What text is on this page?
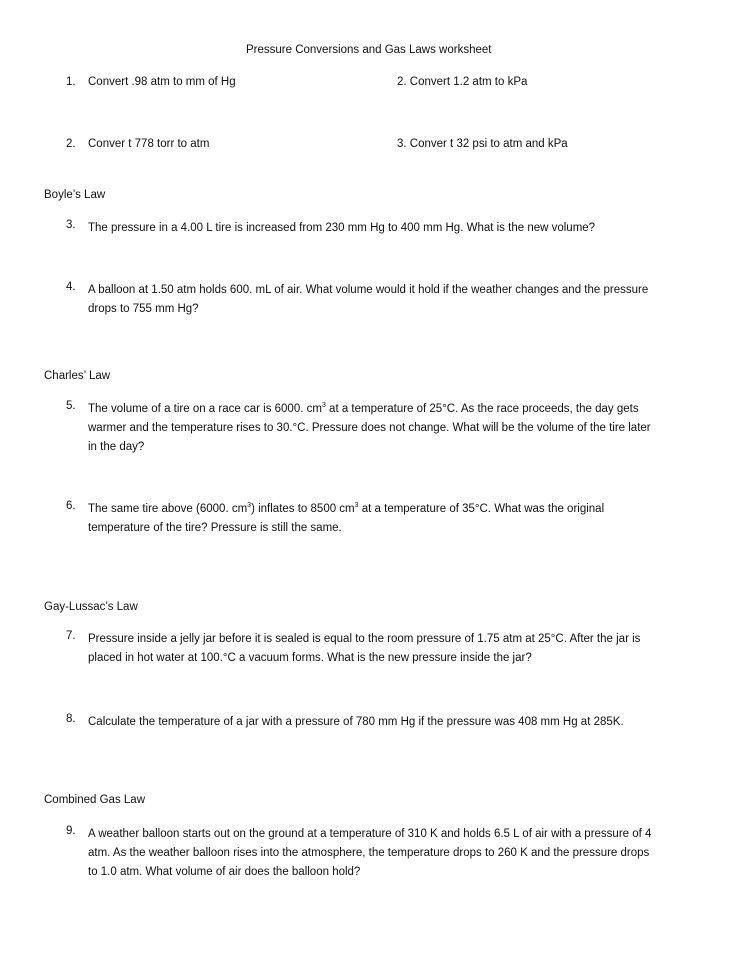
Pressure Conversions and Gas Laws worksheet
1. Convert .98 atm to mm of Hg	2. Convert 1.2 atm to kPa
2. Conver t 778 torr to atm	3. Conver t 32 psi to atm and kPa
Boyle’s Law
3. The pressure in a 4.00 L tire is increased from 230 mm Hg to 400 mm Hg. What is the new volume?
4. A balloon at 1.50 atm holds 600. mL of air. What volume would it hold if the weather changes and the pressure
drops to 755 mm Hg?
Charles’ Law
5. The volume of a tire on a race car is 6000. $cm^3$ at a temperature of 25°C. As the race proceeds, the day gets
warmer and the temperature rises to 30.°C. Pressure does not change. What will be the volume of the tire later
in the day?
6. The same tire above (6000. $cm^3$) inflates to 8500 $cm^3$ at a temperature of 35°C. What was the original
temperature of the tire? Pressure is still the same.
Gay-Lussac’s Law
7. Pressure inside a jelly jar before it is sealed is equal to the room pressure of 1.75 atm at 25°C. After the jar is
placed in hot water at 100.°C a vacuum forms. What is the new pressure inside the jar?
8. Calculate the temperature of a jar with a pressure of 780 mm Hg if the pressure was 408 mm Hg at 285K.
Combined Gas Law
9. A weather balloon starts out on the ground at a temperature of 310 K and holds 6.5 L of air with a pressure of 4
atm. As the weather balloon rises into the atmosphere, the temperature drops to 260 K and the pressure drops
to 1.0 atm. What volume of air does the balloon hold?
